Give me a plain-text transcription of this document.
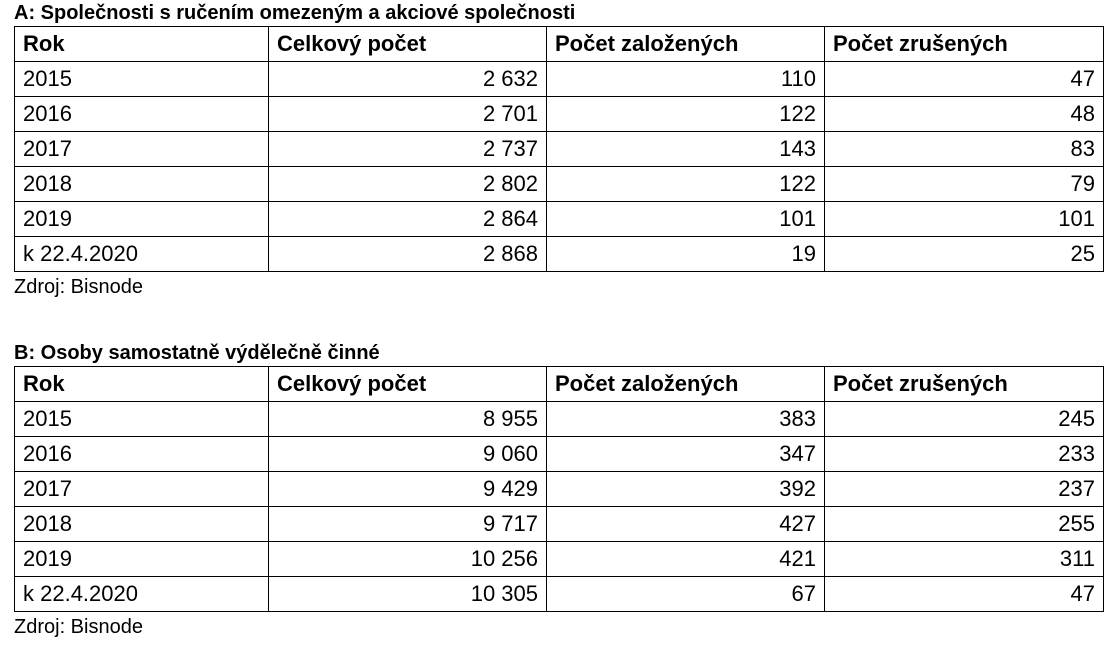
A: Společnosti s ručením omezeným a akciové společnosti
Rok	Celkový počet	Počet založených	Počet zrušených
2015	2 632	110	47
2016	2 701	122	48
2017	2 737	143	83
2018	2 802	122	79
2019	2 864	101	101
k 22.4.2020	2 868	19	25
Zdroj: Bisnode
B: Osoby samostatně výdělečně činné
Rok	Celkový počet	Počet založených	Počet zrušených
2015	8 955	383	245
2016	9 060	347	233
2017	9 429	392	237
2018	9 717	427	255
2019	10 256	421	311
k 22.4.2020	10 305	67	47
Zdroj: Bisnode
